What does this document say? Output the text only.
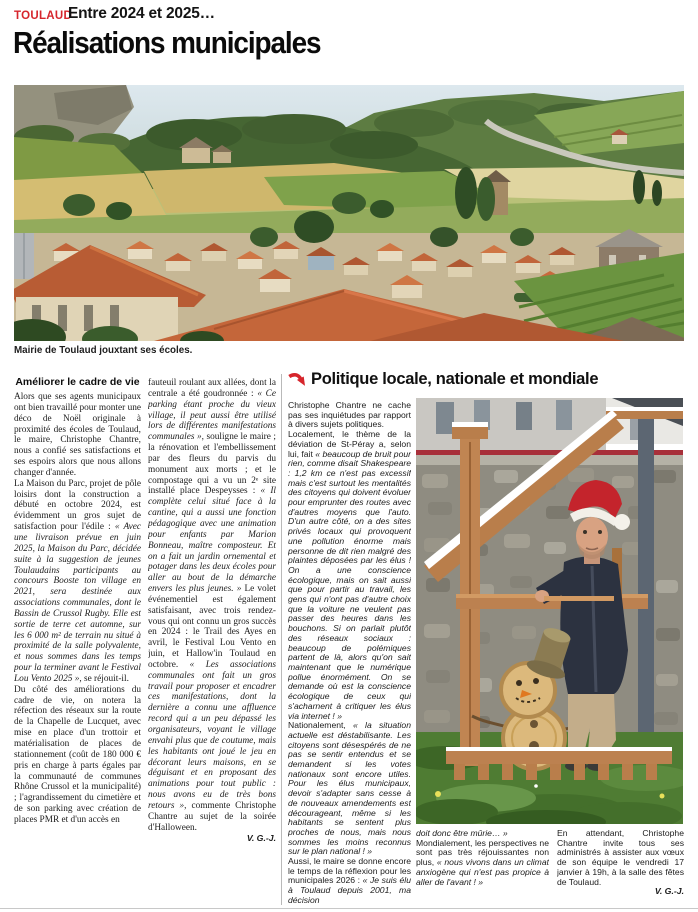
TOULAUD
Entre 2024 et 2025…
Réalisations municipales
Mairie de Toulaud jouxtant ses écoles.
Améliorer le cadre de vie

Alors que ses agents municipaux ont bien travaillé pour monter une déco de Noël originale à proximité des écoles de Toulaud, le maire, Christophe Chantre, nous a confié ses satisfactions et ses espoirs alors que nous allons changer d'année.

La Maison du Parc, projet de pôle loisirs dont la construction a débuté en octobre 2024, est évidemment un gros sujet de satisfaction pour l'édile : « Avec une livraison prévue en juin 2025, la Maison du Parc, décidée suite à la suggestion de jeunes Toulaudains participants au concours Booste ton village en 2021, sera destinée aux associations communales, dont le Bassin de Crussol Rugby. Elle est sortie de terre cet automne, sur les 6 000 m² de terrain nu situé à proximité de la salle polyvalente, et nous sommes dans les temps pour la terminer avant le Festival Lou Vento 2025 », se réjouit-il.

Du côté des améliorations du cadre de vie, on notera la réfection des réseaux sur la route de la Chapelle de Lucquet, avec mise en place d'un trottoir et matérialisation de places de stationnement (coût de 180 000 € pris en charge à parts égales par la communauté de communes Rhône Crussol et la municipalité) ; l'agrandissement du cimetière et de son parking avec création de places PMR et d'un accès en

fauteuil roulant aux allées, dont la centrale a été goudronnée : « Ce parking étant proche du vieux village, il peut aussi être utilisé lors de différentes manifestations communales », souligne le maire ; la rénovation et l'embellissement par des fleurs du parvis du monument aux morts ; et le compostage qui a vu un 2ᵉ site installé place Despeysses : « Il complète celui situé face à la cantine, qui a aussi une fonction pédagogique avec une animation pour enfants par Marion Bonneau, maître composteur. Et on a fait un jardin ornemental et potager dans les deux écoles pour aller au bout de la démarche envers les plus jeunes. » Le volet événementiel est également satisfaisant, avec trois rendez-vous qui ont connu un gros succès en 2024 : le Trail des Ayes en avril, le Festival Lou Vento en juin, et Hallow'in Toulaud en octobre. « Les associations communales ont fait un gros travail pour proposer et encadrer ces manifestations, dont la dernière a connu une affluence record qui a un peu dépassé les organisateurs, voyant le village envahi plus que de coutume, mais les habitants ont joué le jeu en décorant leurs maisons, en se déguisant et en proposant des animations pour tout public : nous avons eu de très bons retours », commente Christophe Chantre au sujet de la soirée d'Halloween.

V. G.-J.
Politique locale, nationale et mondiale

Christophe Chantre ne cache pas ses inquiétudes par rapport à divers sujets politiques.

Localement, le thème de la déviation de St-Péray a, selon lui, fait « beaucoup de bruit pour rien, comme disait Shakespeare : 1,2 km ce n'est pas excessif mais c'est surtout les mentalités des citoyens qui doivent évoluer pour emprunter des routes avec d'autres moyens que l'auto. D'un autre côté, on a des sites privés locaux qui provoquent une pollution énorme mais personne de dit rien malgré des plaintes déposées par les élus ! On a une conscience écologique, mais on sait aussi que pour partir au travail, les gens qui n'ont pas d'autre choix que la voiture ne veulent pas passer des heures dans les bouchons. Si on parlait plutôt des réseaux sociaux : beaucoup de polémiques partent de là, alors qu'on sait maintenant que le numérique pollue énormément. On se demande où est la conscience écologique de ceux qui s'acharnent à critiquer les élus via internet ! »

Nationalement, « la situation actuelle est déstabilisante. Les citoyens sont désespérés de ne pas se sentir entendus et se demandent si les votes nationaux sont encore utiles. Pour les élus municipaux, devoir s'adapter sans cesse à de nouveaux amendements est décourageant, même si les habitants se sentent plus proches de nous, mais nous sommes les moins reconnus sur le plan national ! »

Aussi, le maire se donne encore le temps de la réflexion pour les municipales 2026 : « Je suis élu à Toulaud depuis 2001, ma décision

doit donc être mûrie… »

Mondialement, les perspectives ne sont pas très réjouissantes non plus, « nous vivons dans un climat anxiogène qui n'est pas propice à aller de l'avant ! »

En attendant, Christophe Chantre invite tous ses administrés à assister aux vœux de son équipe le vendredi 17 janvier à 19h, à la salle des fêtes de Toulaud.

V. G.-J.
